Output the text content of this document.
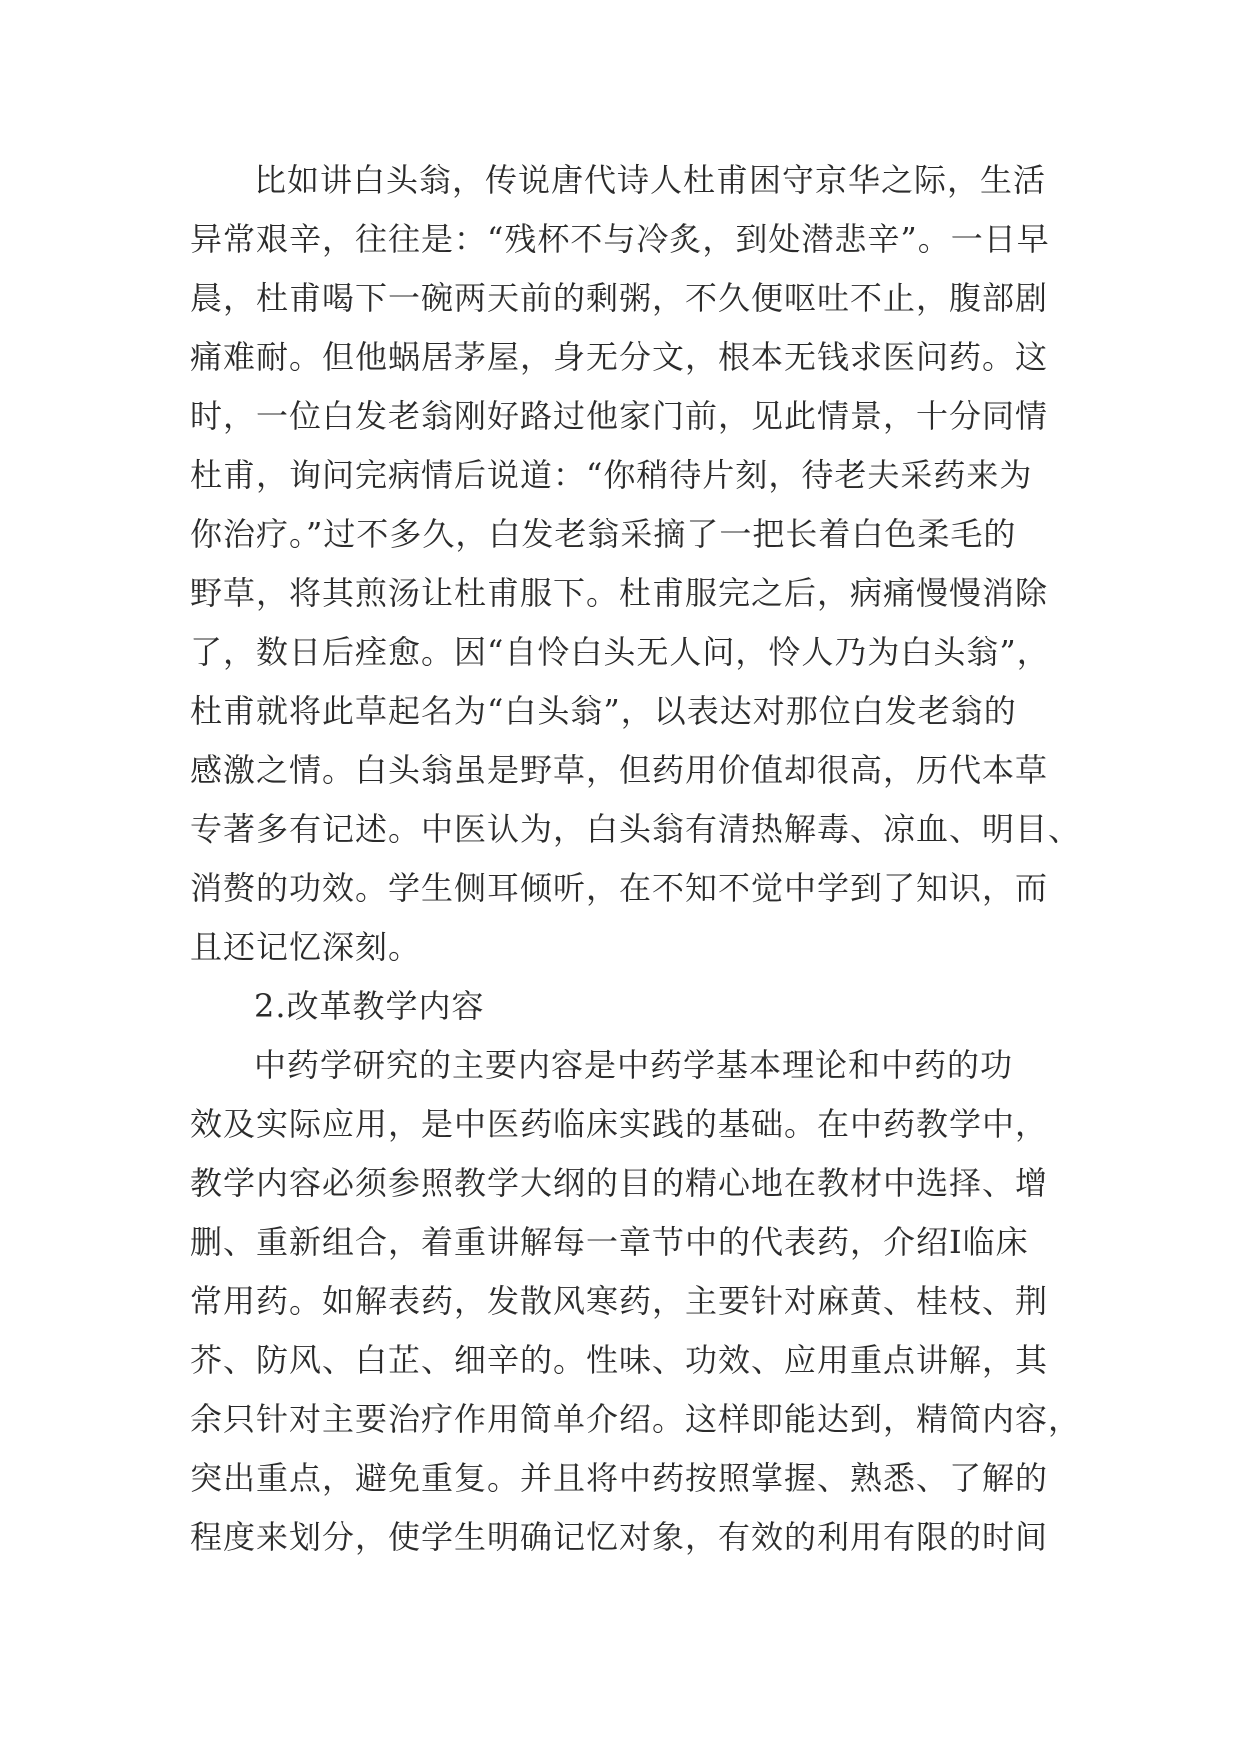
比如讲白头翁，传说唐代诗人杜甫困守京华之际，生活
异常艰辛，往往是：“残杯不与冷炙，到处潜悲辛”。一日早
晨，杜甫喝下一碗两天前的剩粥，不久便呕吐不止，腹部剧
痛难耐。但他蜗居茅屋，身无分文，根本无钱求医问药。这
时，一位白发老翁刚好路过他家门前，见此情景，十分同情
杜甫，询问完病情后说道：“你稍待片刻，待老夫采药来为
你治疗。”过不多久，白发老翁采摘了一把长着白色柔毛的
野草，将其煎汤让杜甫服下。杜甫服完之后，病痛慢慢消除
了，数日后痊愈。因“自怜白头无人问，怜人乃为白头翁”，
杜甫就将此草起名为“白头翁”，以表达对那位白发老翁的
感激之情。白头翁虽是野草，但药用价值却很高，历代本草
专著多有记述。中医认为，白头翁有清热解毒、凉血、明目、
消赘的功效。学生侧耳倾听，在不知不觉中学到了知识，而
且还记忆深刻。
2.改革教学内容
中药学研究的主要内容是中药学基本理论和中药的功
效及实际应用，是中医药临床实践的基础。在中药教学中，
教学内容必须参照教学大纲的目的精心地在教材中选择、增
删、重新组合，着重讲解每一章节中的代表药，介绍Ⅰ临床
常用药。如解表药，发散风寒药，主要针对麻黄、桂枝、荆
芥、防风、白芷、细辛的。性味、功效、应用重点讲解，其
余只针对主要治疗作用简单介绍。这样即能达到，精简内容，
突出重点，避免重复。并且将中药按照掌握、熟悉、了解的
程度来划分，使学生明确记忆对象，有效的利用有限的时间
